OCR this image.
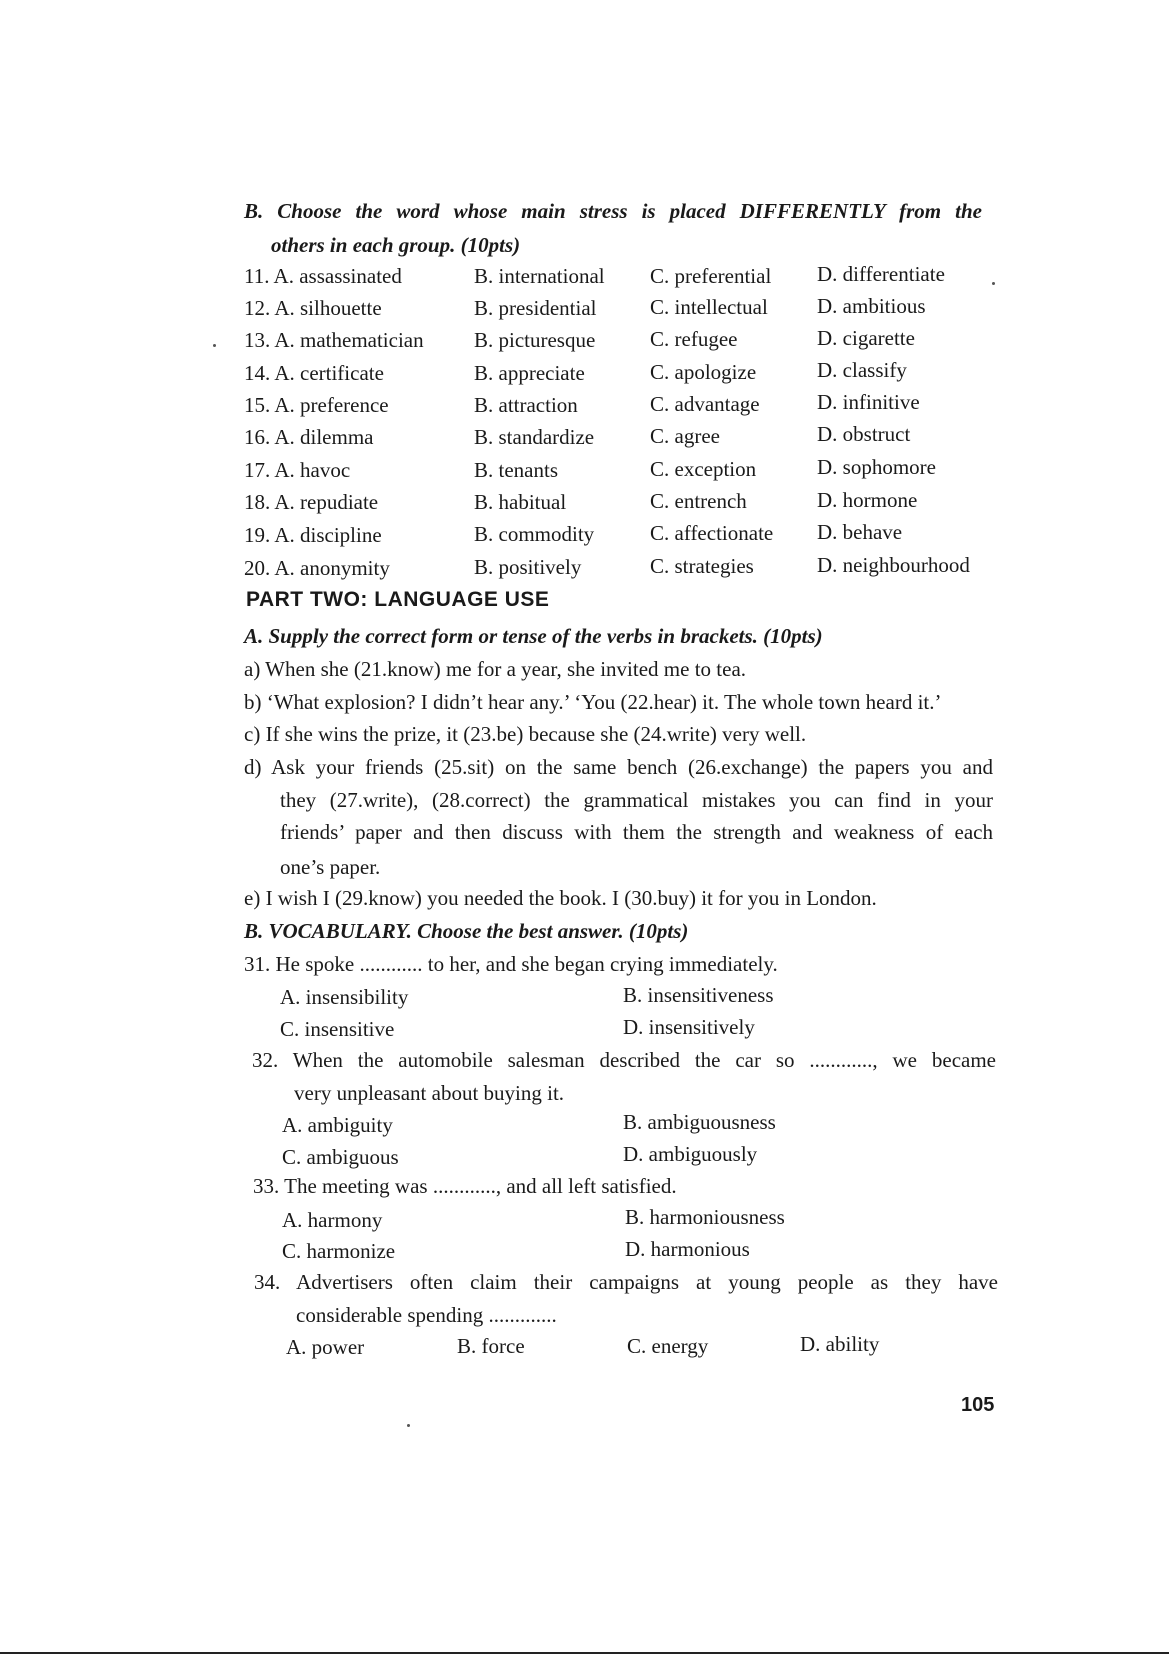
B. Choose the word whose main stress is placed DIFFERENTLY from the
others in each group. (10pts)
11. A. assassinated	B. international C. preferential D. differentiate
12. A. silhouette	B. presidential	C. intellectual D. ambitious
13. A. mathematician B. picturesque	C. refugee	D. cigarette
14. A. certificate	B. appreciate	C. apologize	D. classify
15. A. preference	B. attraction	C. advantage	D. infinitive
16. A. dilemma	B. standardize	C. agree	D. obstruct
17. A. havoc	B. tenants	C. exception	D. sophomore
18. A. repudiate	B. habitual	C. entrench	D. hormone
19. A. discipline	B. commodity	C. affectionate D. behave
20. A. anonymity	B. positively	C. strategies	D. neighbourhood
PART TWO: LANGUAGE USE
A. Supply the correct form or tense of the verbs in brackets. (10pts)
a) When she (21.know) me for a year, she invited me to tea.
b) ‘What explosion? I didn’t hear any.’ ‘You (22.hear) it. The whole town heard it.’
c) If she wins the prize, it (23.be) because she (24.write) very well.
d) Ask your friends (25.sit) on the same bench (26.exchange) the papers you and
they (27.write), (28.correct) the grammatical mistakes you can find in your
friends’ paper and then discuss with them the strength and weakness of each
one’s paper.
e) I wish I (29.know) you needed the book. I (30.buy) it for you in London.
B. VOCABULARY. Choose the best answer. (10pts)
31. He spoke ............ to her, and she began crying immediately.
A. insensibility	B. insensitiveness
C. insensitive	D. insensitively
32. When the automobile salesman described the car so ............, we became
very unpleasant about buying it.
A. ambiguity	B. ambiguousness
C. ambiguous	D. ambiguously
33. The meeting was ............, and all left satisfied.
A. harmony	B. harmoniousness
C. harmonize	D. harmonious
34. Advertisers often claim their campaigns at young people as they have
considerable spending .............
A. power	B. force	C. energy	D. ability
105
